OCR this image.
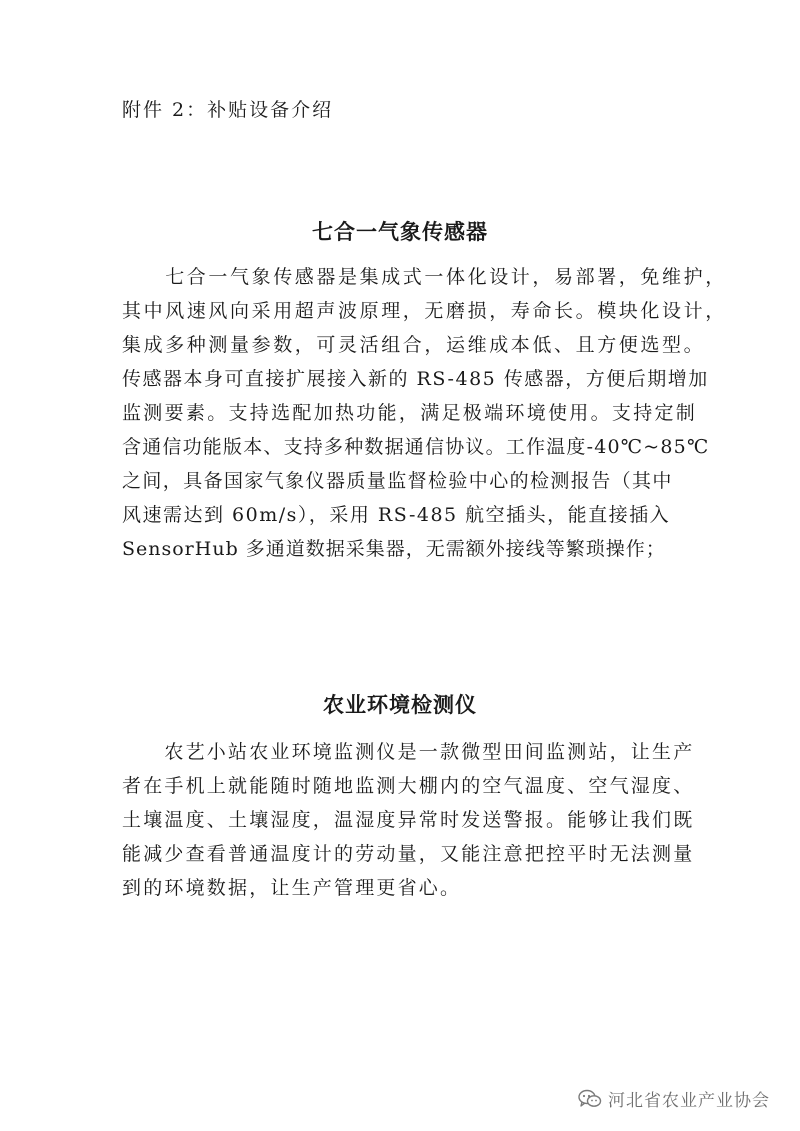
附件 2：补贴设备介绍
七合一气象传感器
　　七合一气象传感器是集成式一体化设计，易部署，免维护，
其中风速风向采用超声波原理，无磨损，寿命长。模块化设计，
集成多种测量参数，可灵活组合，运维成本低、且方便选型。
传感器本身可直接扩展接入新的 RS-485 传感器，方便后期增加
监测要素。支持选配加热功能，满足极端环境使用。支持定制
含通信功能版本、支持多种数据通信协议。工作温度-40℃~85℃
之间，具备国家气象仪器质量监督检验中心的检测报告（其中
风速需达到 60m/s），采用 RS-485 航空插头，能直接插入
SensorHub 多通道数据采集器，无需额外接线等繁琐操作；
农业环境检测仪
　　农艺小站农业环境监测仪是一款微型田间监测站，让生产
者在手机上就能随时随地监测大棚内的空气温度、空气湿度、
土壤温度、土壤湿度，温湿度异常时发送警报。能够让我们既
能减少查看普通温度计的劳动量，又能注意把控平时无法测量
到的环境数据，让生产管理更省心。
河北省农业产业协会
